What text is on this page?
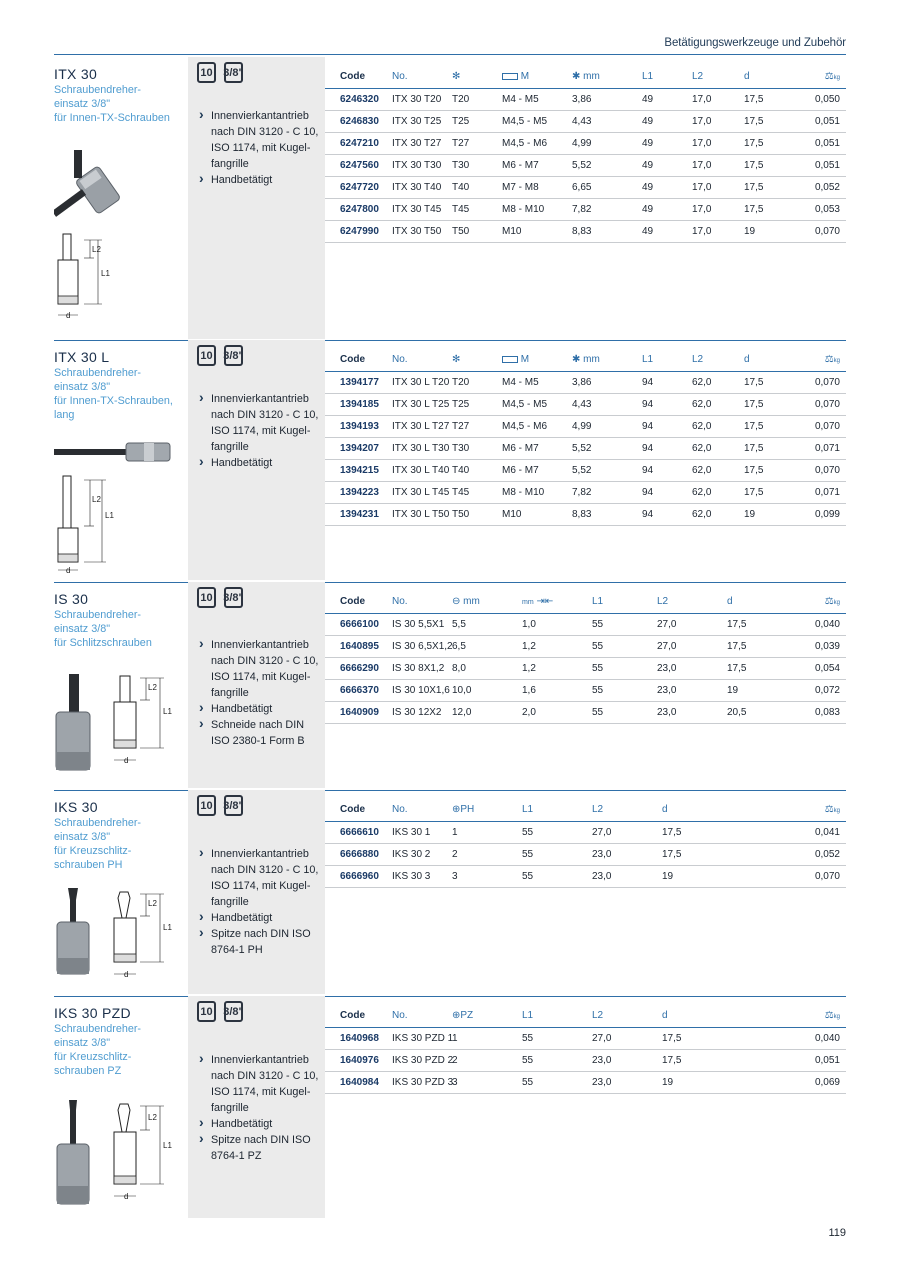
Betätigungswerkzeuge und Zubehör
ITX 30
Schraubendreher-
einsatz 3/8"
für Innen-TX-Schrauben
L2
L1
d
10 3/8"
› Innenvierkantantrieb nach DIN 3120 - C 10, ISO 1174, mit Kugel-fangrille
› Handbetätigt
Code	No.	✻	M	✱ mm	L1	L2	d	⚖kg
6246320	ITX 30 T20	T20	M4 - M5	3,86	49	17,0	17,5	0,050
6246830	ITX 30 T25	T25	M4,5 - M5	4,43	49	17,0	17,5	0,051
6247210	ITX 30 T27	T27	M4,5 - M6	4,99	49	17,0	17,5	0,051
6247560	ITX 30 T30	T30	M6 - M7	5,52	49	17,0	17,5	0,051
6247720	ITX 30 T40	T40	M7 - M8	6,65	49	17,0	17,5	0,052
6247800	ITX 30 T45	T45	M8 - M10	7,82	49	17,0	17,5	0,053
6247990	ITX 30 T50	T50	M10	8,83	49	17,0	19	0,070
ITX 30 L
Schraubendreher-
einsatz 3/8"
für Innen-TX-Schrauben,
lang
L2
L1
d
10 3/8"
› Innenvierkantantrieb nach DIN 3120 - C 10, ISO 1174, mit Kugel-fangrille
› Handbetätigt
Code	No.	✻	M	✱ mm	L1	L2	d	⚖kg
1394177	ITX 30 L T20	T20	M4 - M5	3,86	94	62,0	17,5	0,070
1394185	ITX 30 L T25	T25	M4,5 - M5	4,43	94	62,0	17,5	0,070
1394193	ITX 30 L T27	T27	M4,5 - M6	4,99	94	62,0	17,5	0,070
1394207	ITX 30 L T30	T30	M6 - M7	5,52	94	62,0	17,5	0,071
1394215	ITX 30 L T40	T40	M6 - M7	5,52	94	62,0	17,5	0,070
1394223	ITX 30 L T45	T45	M8 - M10	7,82	94	62,0	17,5	0,071
1394231	ITX 30 L T50	T50	M10	8,83	94	62,0	19	0,099
IS 30
Schraubendreher-
einsatz 3/8"
für Schlitzschrauben
L2
L1
d
10 3/8"
› Innenvierkantantrieb nach DIN 3120 - C 10, ISO 1174, mit Kugel-fangrille
› Handbetätigt
› Schneide nach DIN ISO 2380-1 Form B
Code	No.	⊖ mm	mm ⇥⇤	L1	L2	d	⚖kg
6666100	IS 30 5,5X1	5,5	1,0	55	27,0	17,5	0,040
1640895	IS 30 6,5X1,2	6,5	1,2	55	27,0	17,5	0,039
6666290	IS 30 8X1,2	8,0	1,2	55	23,0	17,5	0,054
6666370	IS 30 10X1,6	10,0	1,6	55	23,0	19	0,072
1640909	IS 30 12X2	12,0	2,0	55	23,0	20,5	0,083
IKS 30
Schraubendreher-
einsatz 3/8"
für Kreuzschlitz-
schrauben PH
L2
L1
d
10 3/8"
› Innenvierkantantrieb nach DIN 3120 - C 10, ISO 1174, mit Kugel-fangrille
› Handbetätigt
› Spitze nach DIN ISO 8764-1 PH
Code	No.	⊕PH	L1	L2	d	⚖kg
6666610	IKS 30 1	1	55	27,0	17,5	0,041
6666880	IKS 30 2	2	55	23,0	17,5	0,052
6666960	IKS 30 3	3	55	23,0	19	0,070
IKS 30 PZD
Schraubendreher-
einsatz 3/8"
für Kreuzschlitz-
schrauben PZ
L2
L1
d
10 3/8"
› Innenvierkantantrieb nach DIN 3120 - C 10, ISO 1174, mit Kugel-fangrille
› Handbetätigt
› Spitze nach DIN ISO 8764-1 PZ
Code	No.	⊕PZ	L1	L2	d	⚖kg
1640968	IKS 30 PZD 1	1	55	27,0	17,5	0,040
1640976	IKS 30 PZD 2	2	55	23,0	17,5	0,051
1640984	IKS 30 PZD 3	3	55	23,0	19	0,069
119
